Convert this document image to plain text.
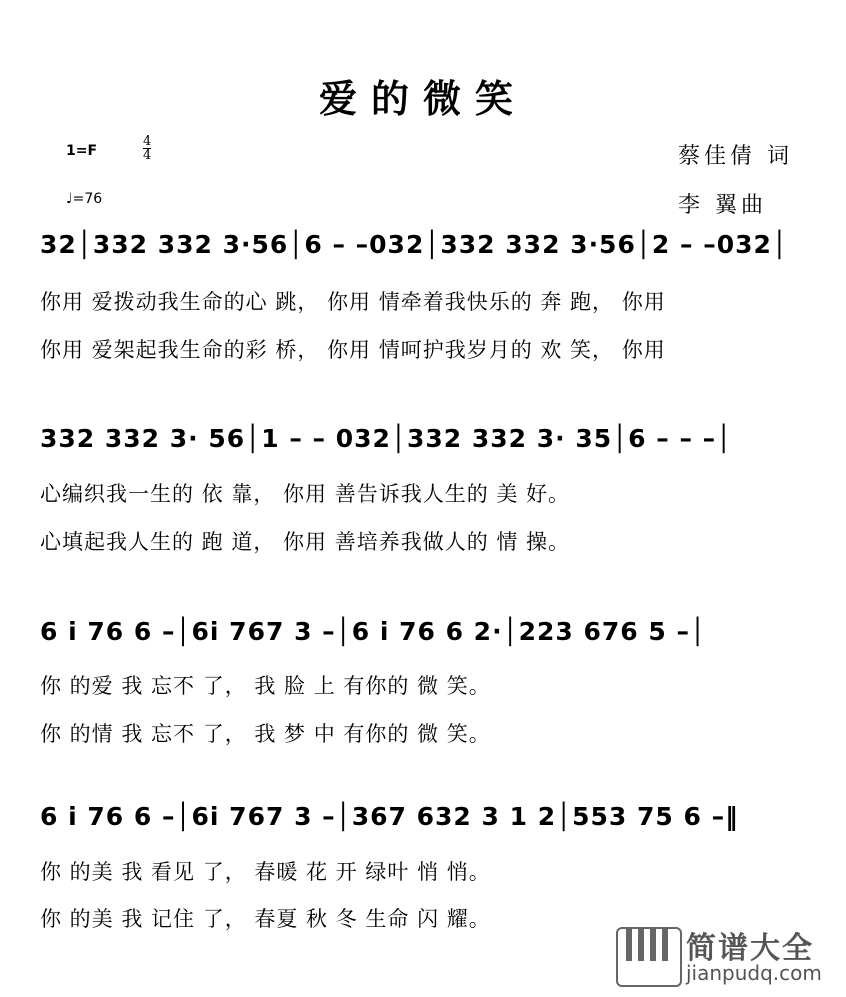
爱的微笑
1=F	$\frac{4}{4}$
♩=76
蔡佳倩 词
李 翼曲
32│332 332 3·56│6 – –032│332 332 3·56│2 – –032│
你用 爱拨动我生命的心 跳， 你用 情牵着我快乐的 奔 跑， 你用
你用 爱架起我生命的彩 桥， 你用 情呵护我岁月的 欢 笑， 你用
332 332 3· 56│1 – – 032│332 332 3· 35│6 – – –│
心编织我一生的 依 靠， 你用 善告诉我人生的 美 好。
心填起我人生的 跑 道， 你用 善培养我做人的 情 操。
6 i 76 6 –│6i 767 3 –│6 i 76 6 2·│223 676 5 –│
你 的爱 我 忘不 了， 我 脸 上 有你的 微 笑。
你 的情 我 忘不 了， 我 梦 中 有你的 微 笑。
6 i 76 6 –│6i 767 3 –│367 632 3 1 2│553 75 6 –‖
你 的美 我 看见 了， 春暖 花 开 绿叶 悄 悄。
你 的美 我 记住 了， 春夏 秋 冬 生命 闪 耀。
简谱大全
jianpudq.com
